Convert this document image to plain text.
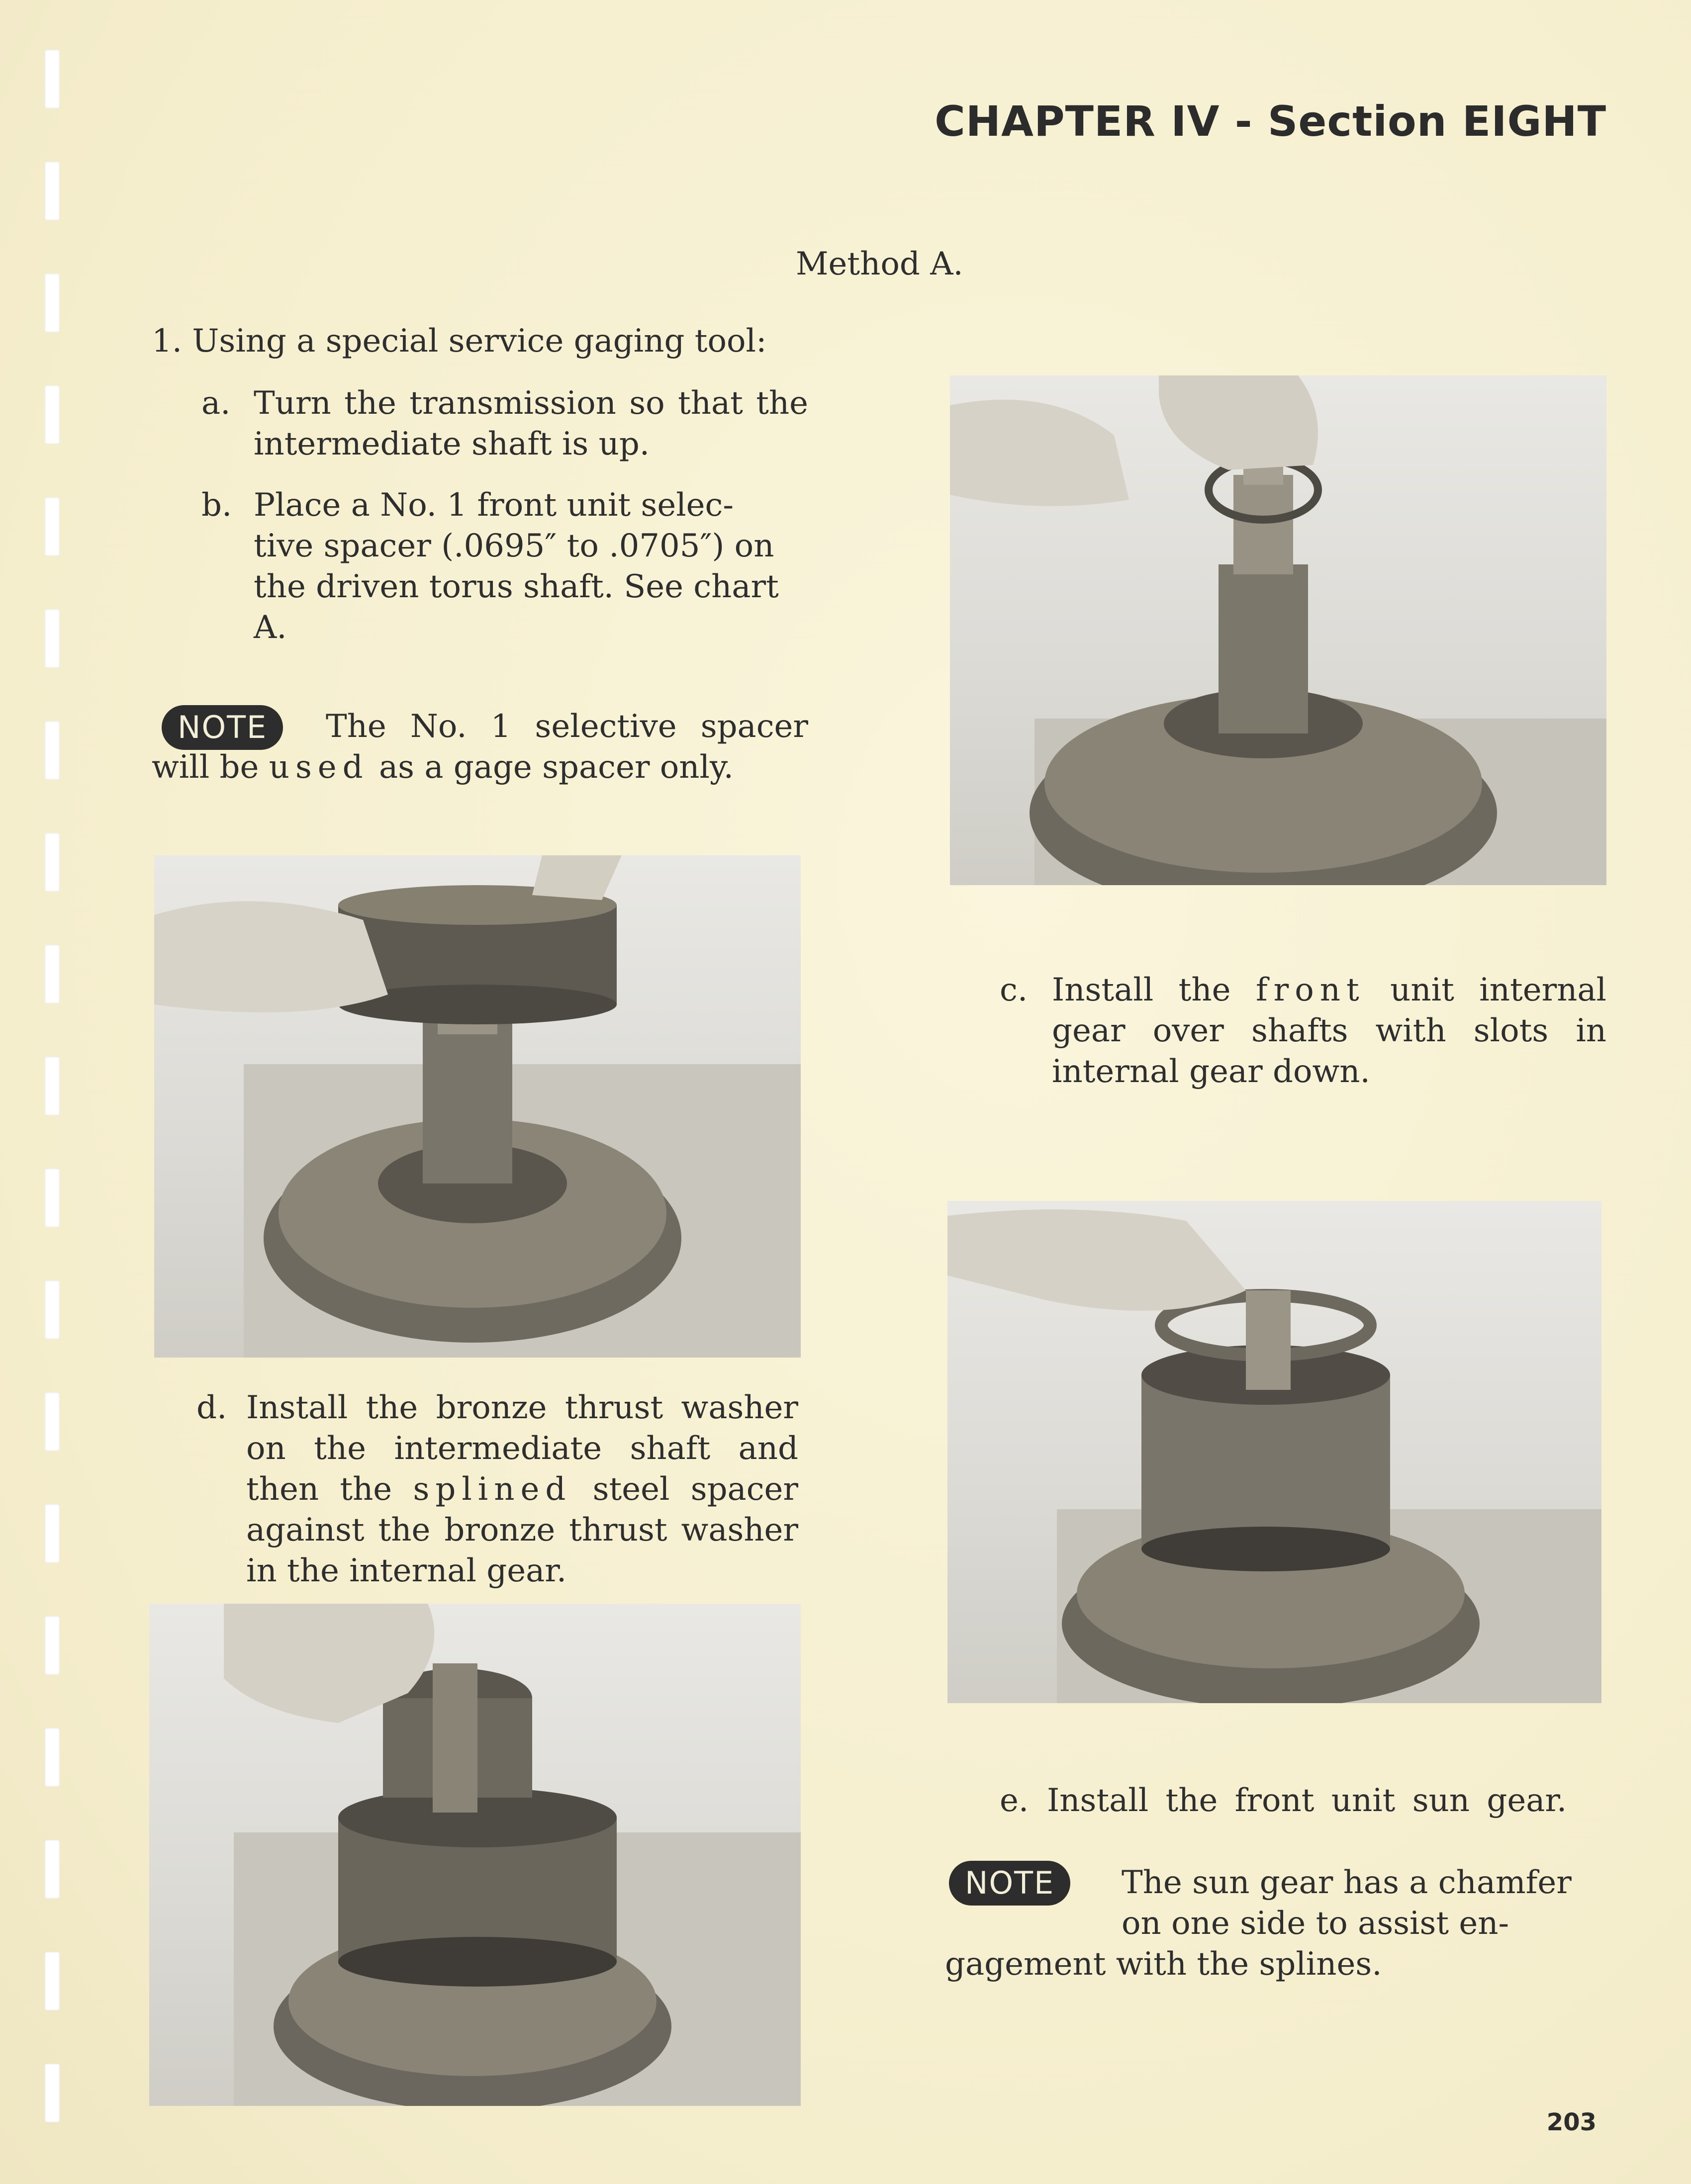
CHAPTER IV - Section EIGHT
Method A.
1. Using a special service gaging tool:
a. Turn the transmission so that the intermediate shaft is up.
b. Place a No. 1 front unit selec-
tive spacer (.0695″ to .0705″) on
the driven torus shaft. See chart
A.
NOTE	The No. 1 selective spacer will be used as a gage spacer only.
d. Install the bronze thrust washer on the intermediate shaft and then the splined steel spacer against the bronze thrust washer in the internal gear.
c. Install the front unit internal gear over shafts with slots in internal gear down.
e. Install the front unit sun gear.
NOTE	The sun gear has a chamfer
on one side to assist en-
gagement with the splines.
203
